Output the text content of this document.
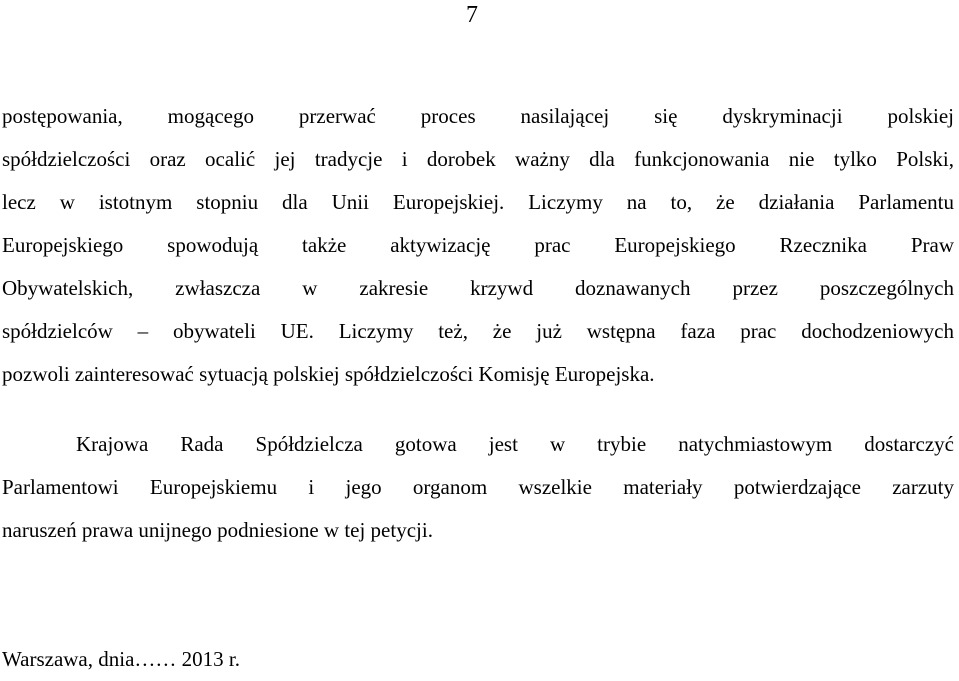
7
postępowania, mogącego przerwać proces nasilającej się dyskryminacji polskiej
spółdzielczości oraz ocalić jej tradycje i dorobek ważny dla funkcjonowania nie tylko Polski,
lecz w istotnym stopniu dla Unii Europejskiej. Liczymy na to, że działania Parlamentu
Europejskiego spowodują także aktywizację prac Europejskiego Rzecznika Praw
Obywatelskich, zwłaszcza w zakresie krzywd doznawanych przez poszczególnych
spółdzielców – obywateli UE. Liczymy też, że już wstępna faza prac dochodzeniowych
pozwoli zainteresować sytuacją polskiej spółdzielczości Komisję Europejska.
Krajowa Rada Spółdzielcza gotowa jest w trybie natychmiastowym dostarczyć
Parlamentowi Europejskiemu i jego organom wszelkie materiały potwierdzające zarzuty
naruszeń prawa unijnego podniesione w tej petycji.
Warszawa, dnia…… 2013 r.
